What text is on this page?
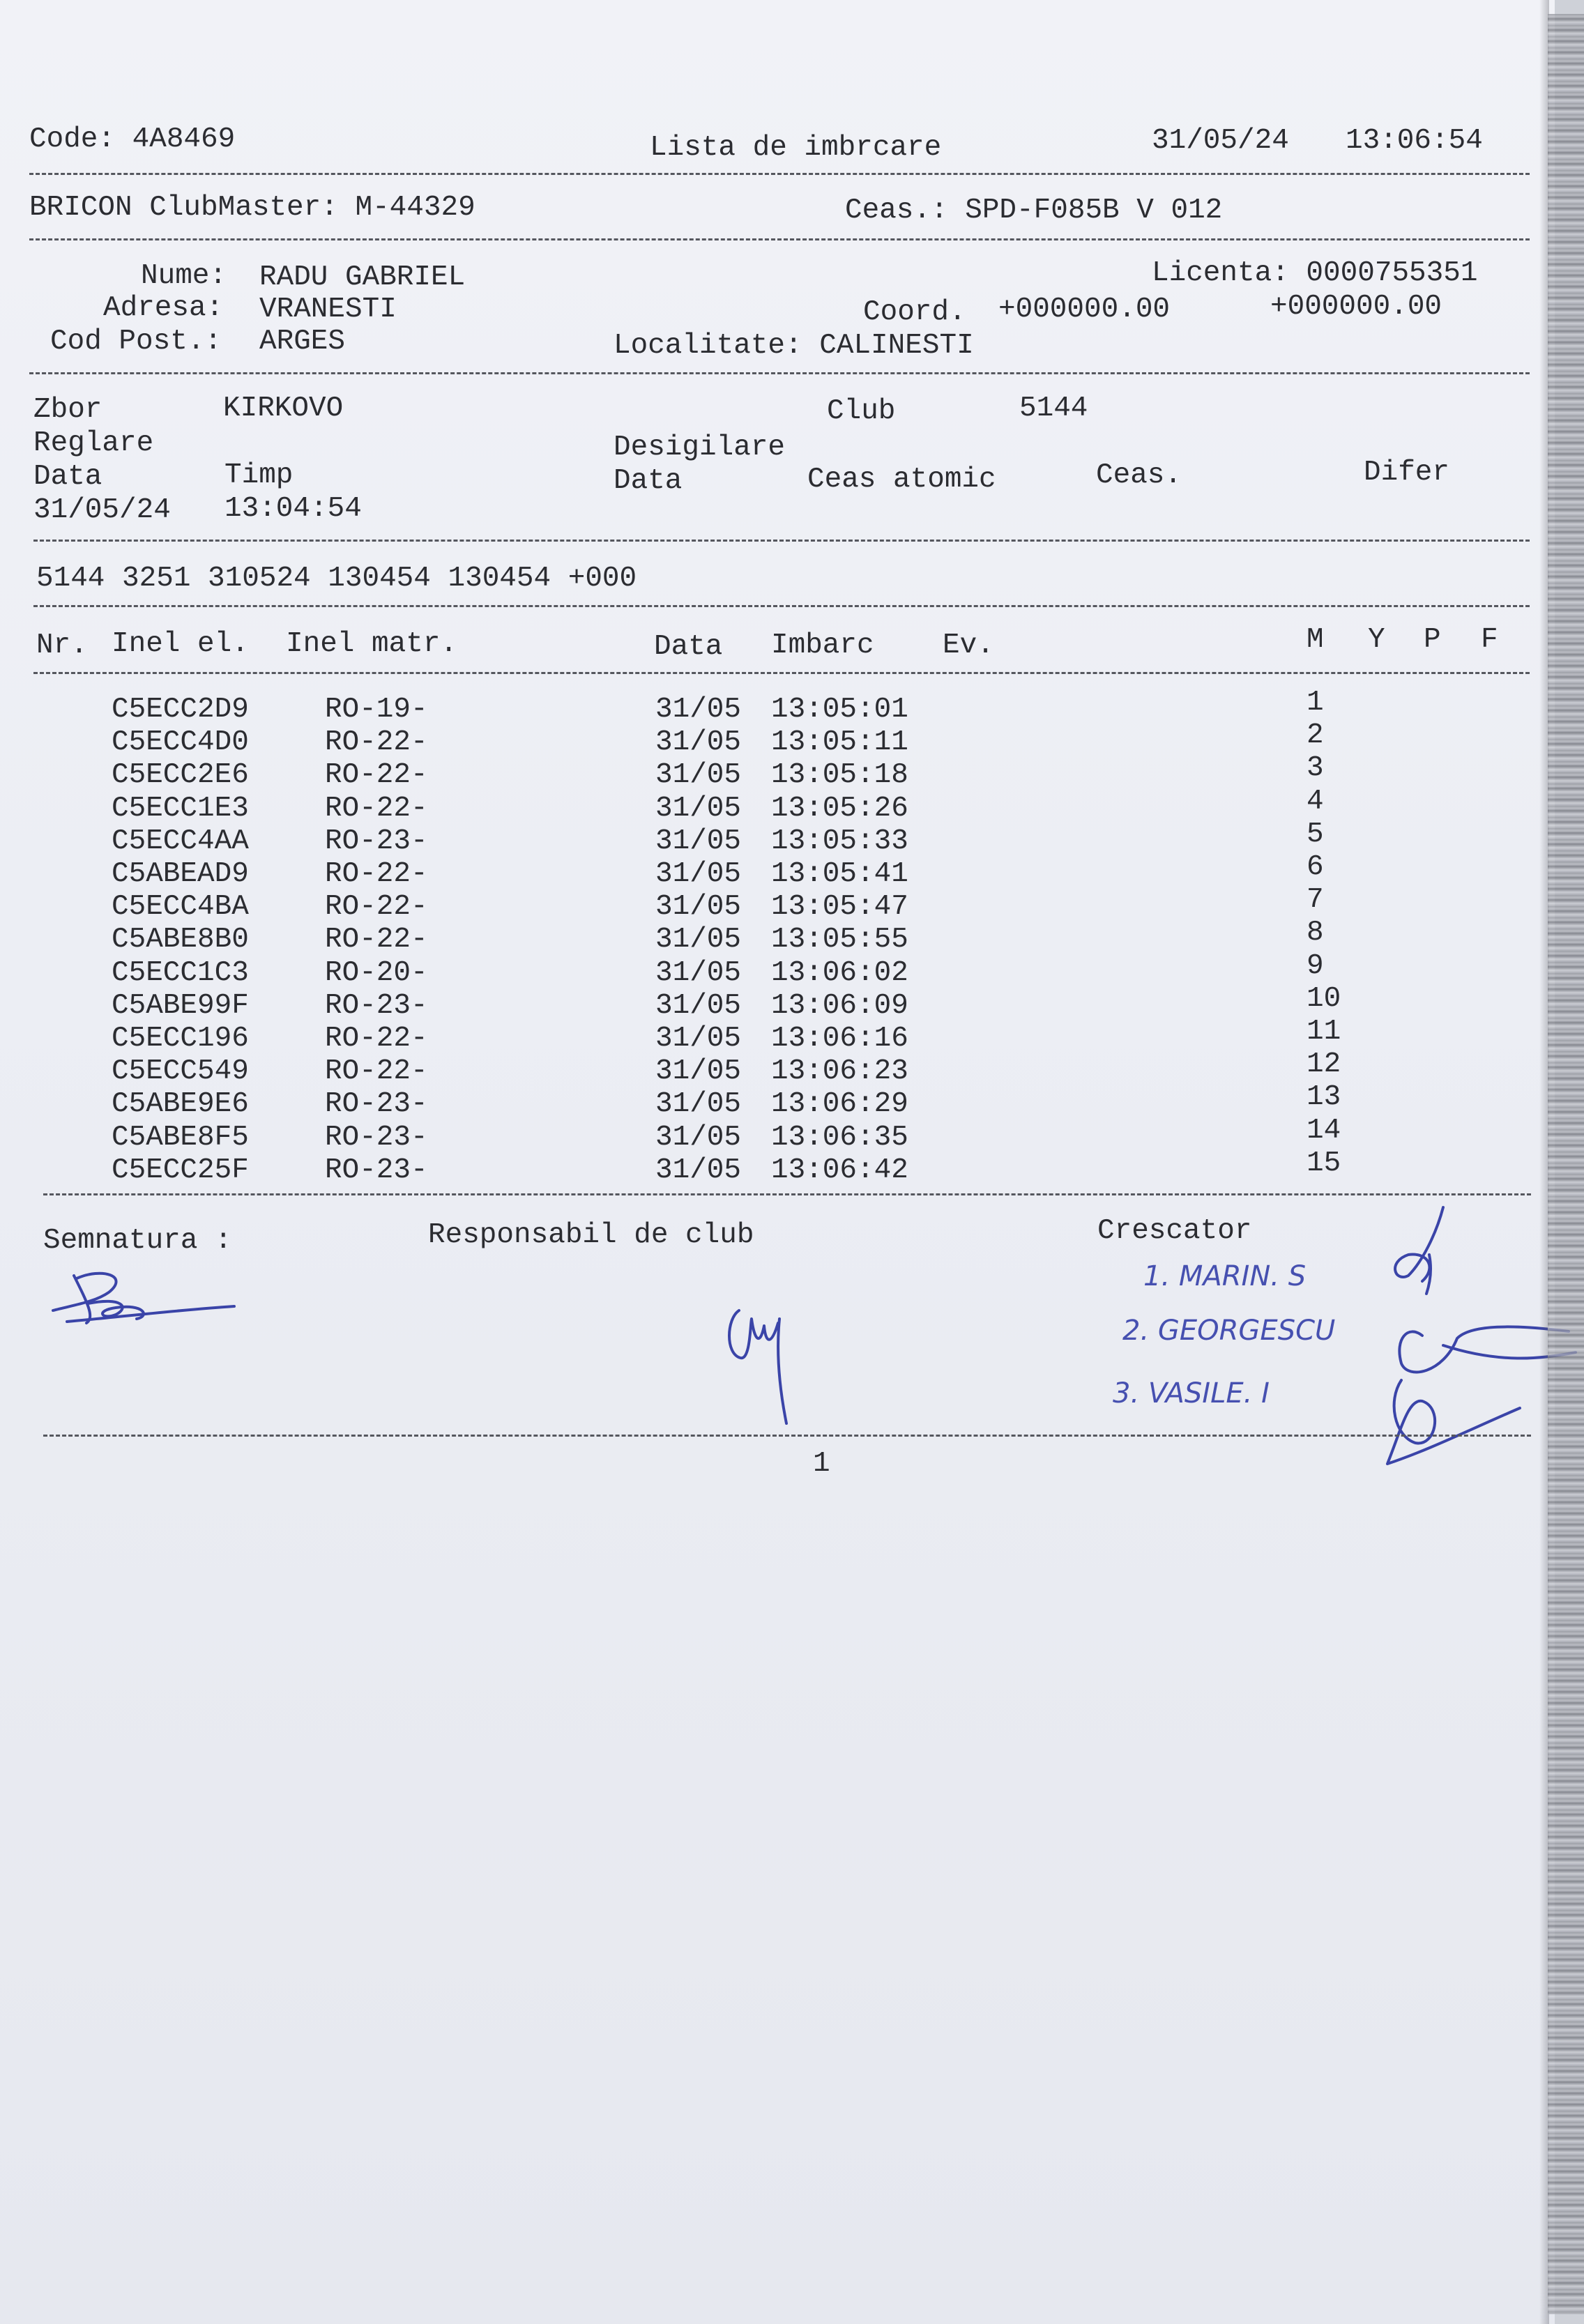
Code: 4A8469	Lista de imbrcare	31/05/24 13:06:54
BRICON ClubMaster: M-44329	Ceas.: SPD-F085B V 012
Nume: RADU GABRIEL	Licenta: 0000755351
Adresa: VRANESTI	Coord. +000000.00	+000000.00
Cod Post.: ARGES	Localitate: CALINESTI
Zbor	KIRKOVO	Club	5144
Reglare	Desigilare
Data	Timp	Data	Ceas atomic	Ceas.	Difer
31/05/24 13:04:54
5144 3251 310524 130454 130454 +000
Nr. Inel el. Inel matr.	Data Imbarc Ev.	M Y P F
C5ECC2D9	RO-19-	31/05 13:05:01	1
C5ECC4D0	RO-22-	31/05 13:05:11	2
C5ECC2E6	RO-22-	31/05 13:05:18	3
C5ECC1E3	RO-22-	31/05 13:05:26	4
C5ECC4AA	RO-23-	31/05 13:05:33	5
C5ABEAD9	RO-22-	31/05 13:05:41	6
C5ECC4BA	RO-22-	31/05 13:05:47	7
C5ABE8B0	RO-22-	31/05 13:05:55	8
C5ECC1C3	RO-20-	31/05 13:06:02	9
C5ABE99F	RO-23-	31/05 13:06:09	10
C5ECC196	RO-22-	31/05 13:06:16	11
C5ECC549	RO-22-	31/05 13:06:23	12
C5ABE9E6	RO-23-	31/05 13:06:29	13
C5ABE8F5	RO-23-	31/05 13:06:35	14
C5ECC25F	RO-23-	31/05 13:06:42	15
Semnatura :	Responsabil de club	Crescator
1. MARIN. S
2. GEORGESCU
3. VASILE. I
1
